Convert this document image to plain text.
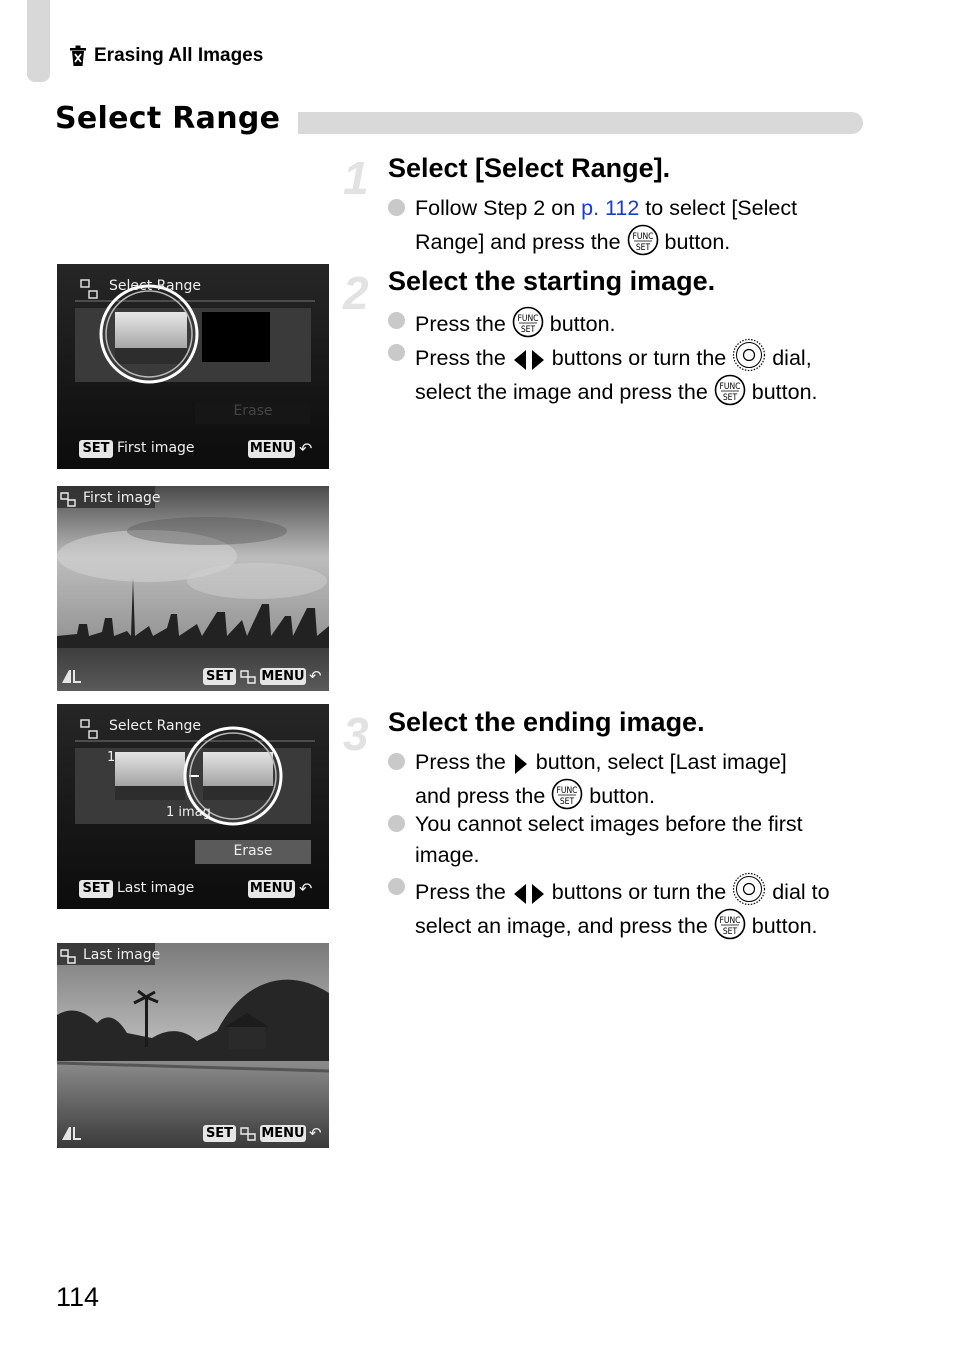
Erasing All Images
Select Range
1 Select [Select Range].
Follow Step 2 on p. 112 to select [Select
Range] and press the FUNC
SET button.
2 Select the starting image.
Press the FUNC
SET button.
Press the  buttons or turn the  dial,
select the image and press the FUNC
SET button.
3 Select the ending image.
Press the  button, select [Last image]
and press the FUNC
SET button.
You cannot select images before the first
image.
Press the  buttons or turn the  dial to
select an image, and press the FUNC
SET button.
Select Range
Erase
SET First image	MENU ↶
First image
SET MENU ↶
Select Range
1
1 imag
Erase
SET Last image	MENU ↶
Last image
SET MENU ↶
114
